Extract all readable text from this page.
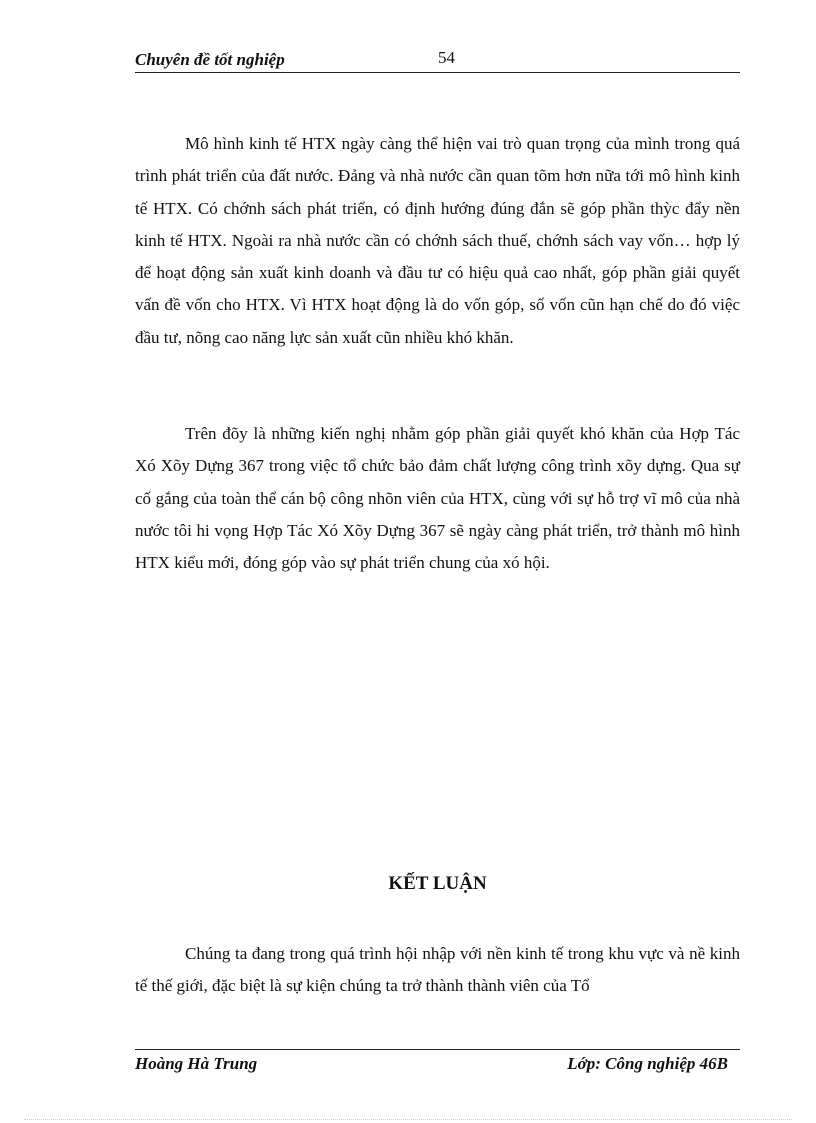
Chuyên đề tốt nghiệp	54

Mô hình kinh tế HTX ngày càng thể hiện vai trò quan trọng của mình trong quá trình phát triển của đất nước. Đảng và nhà nước cần quan tõm hơn nữa tới mô hình kinh tế HTX. Có chớnh sách phát triển, có định hướng đúng đắn sẽ góp phần thỳc đẩy nền kinh tế HTX. Ngoài ra nhà nước cần có chớnh sách thuế, chớnh sách vay vốn… hợp lý để hoạt động sản xuất kinh doanh và đầu tư có hiệu quả cao nhất, góp phần giải quyết vấn đề vốn cho HTX. Vì HTX hoạt động là do vốn góp, số vốn cũn hạn chế do đó việc đầu tư, nõng cao năng lực sản xuất cũn nhiều khó khăn.

Trên đõy là những kiến nghị nhằm góp phần giải quyết khó khăn của Hợp Tác Xó Xõy Dựng 367 trong việc tổ chức bảo đảm chất lượng công trình xõy dựng. Qua sự cố gắng của toàn thể cán bộ công nhõn viên của HTX, cùng với sự hỗ trợ vĩ mô của nhà nước tôi hi vọng Hợp Tác Xó Xõy Dựng 367 sẽ ngày càng phát triển, trở thành mô hình HTX kiểu mới, đóng góp vào sự phát triển chung của xó hội.

KẾT LUẬN

Chúng ta đang trong quá trình hội nhập với nền kinh tế trong khu vực và nề kinh tế thế giới, đặc biệt là sự kiện chúng ta trở thành thành viên của Tổ

Hoàng Hà Trung	Lớp: Công nghiệp 46B
